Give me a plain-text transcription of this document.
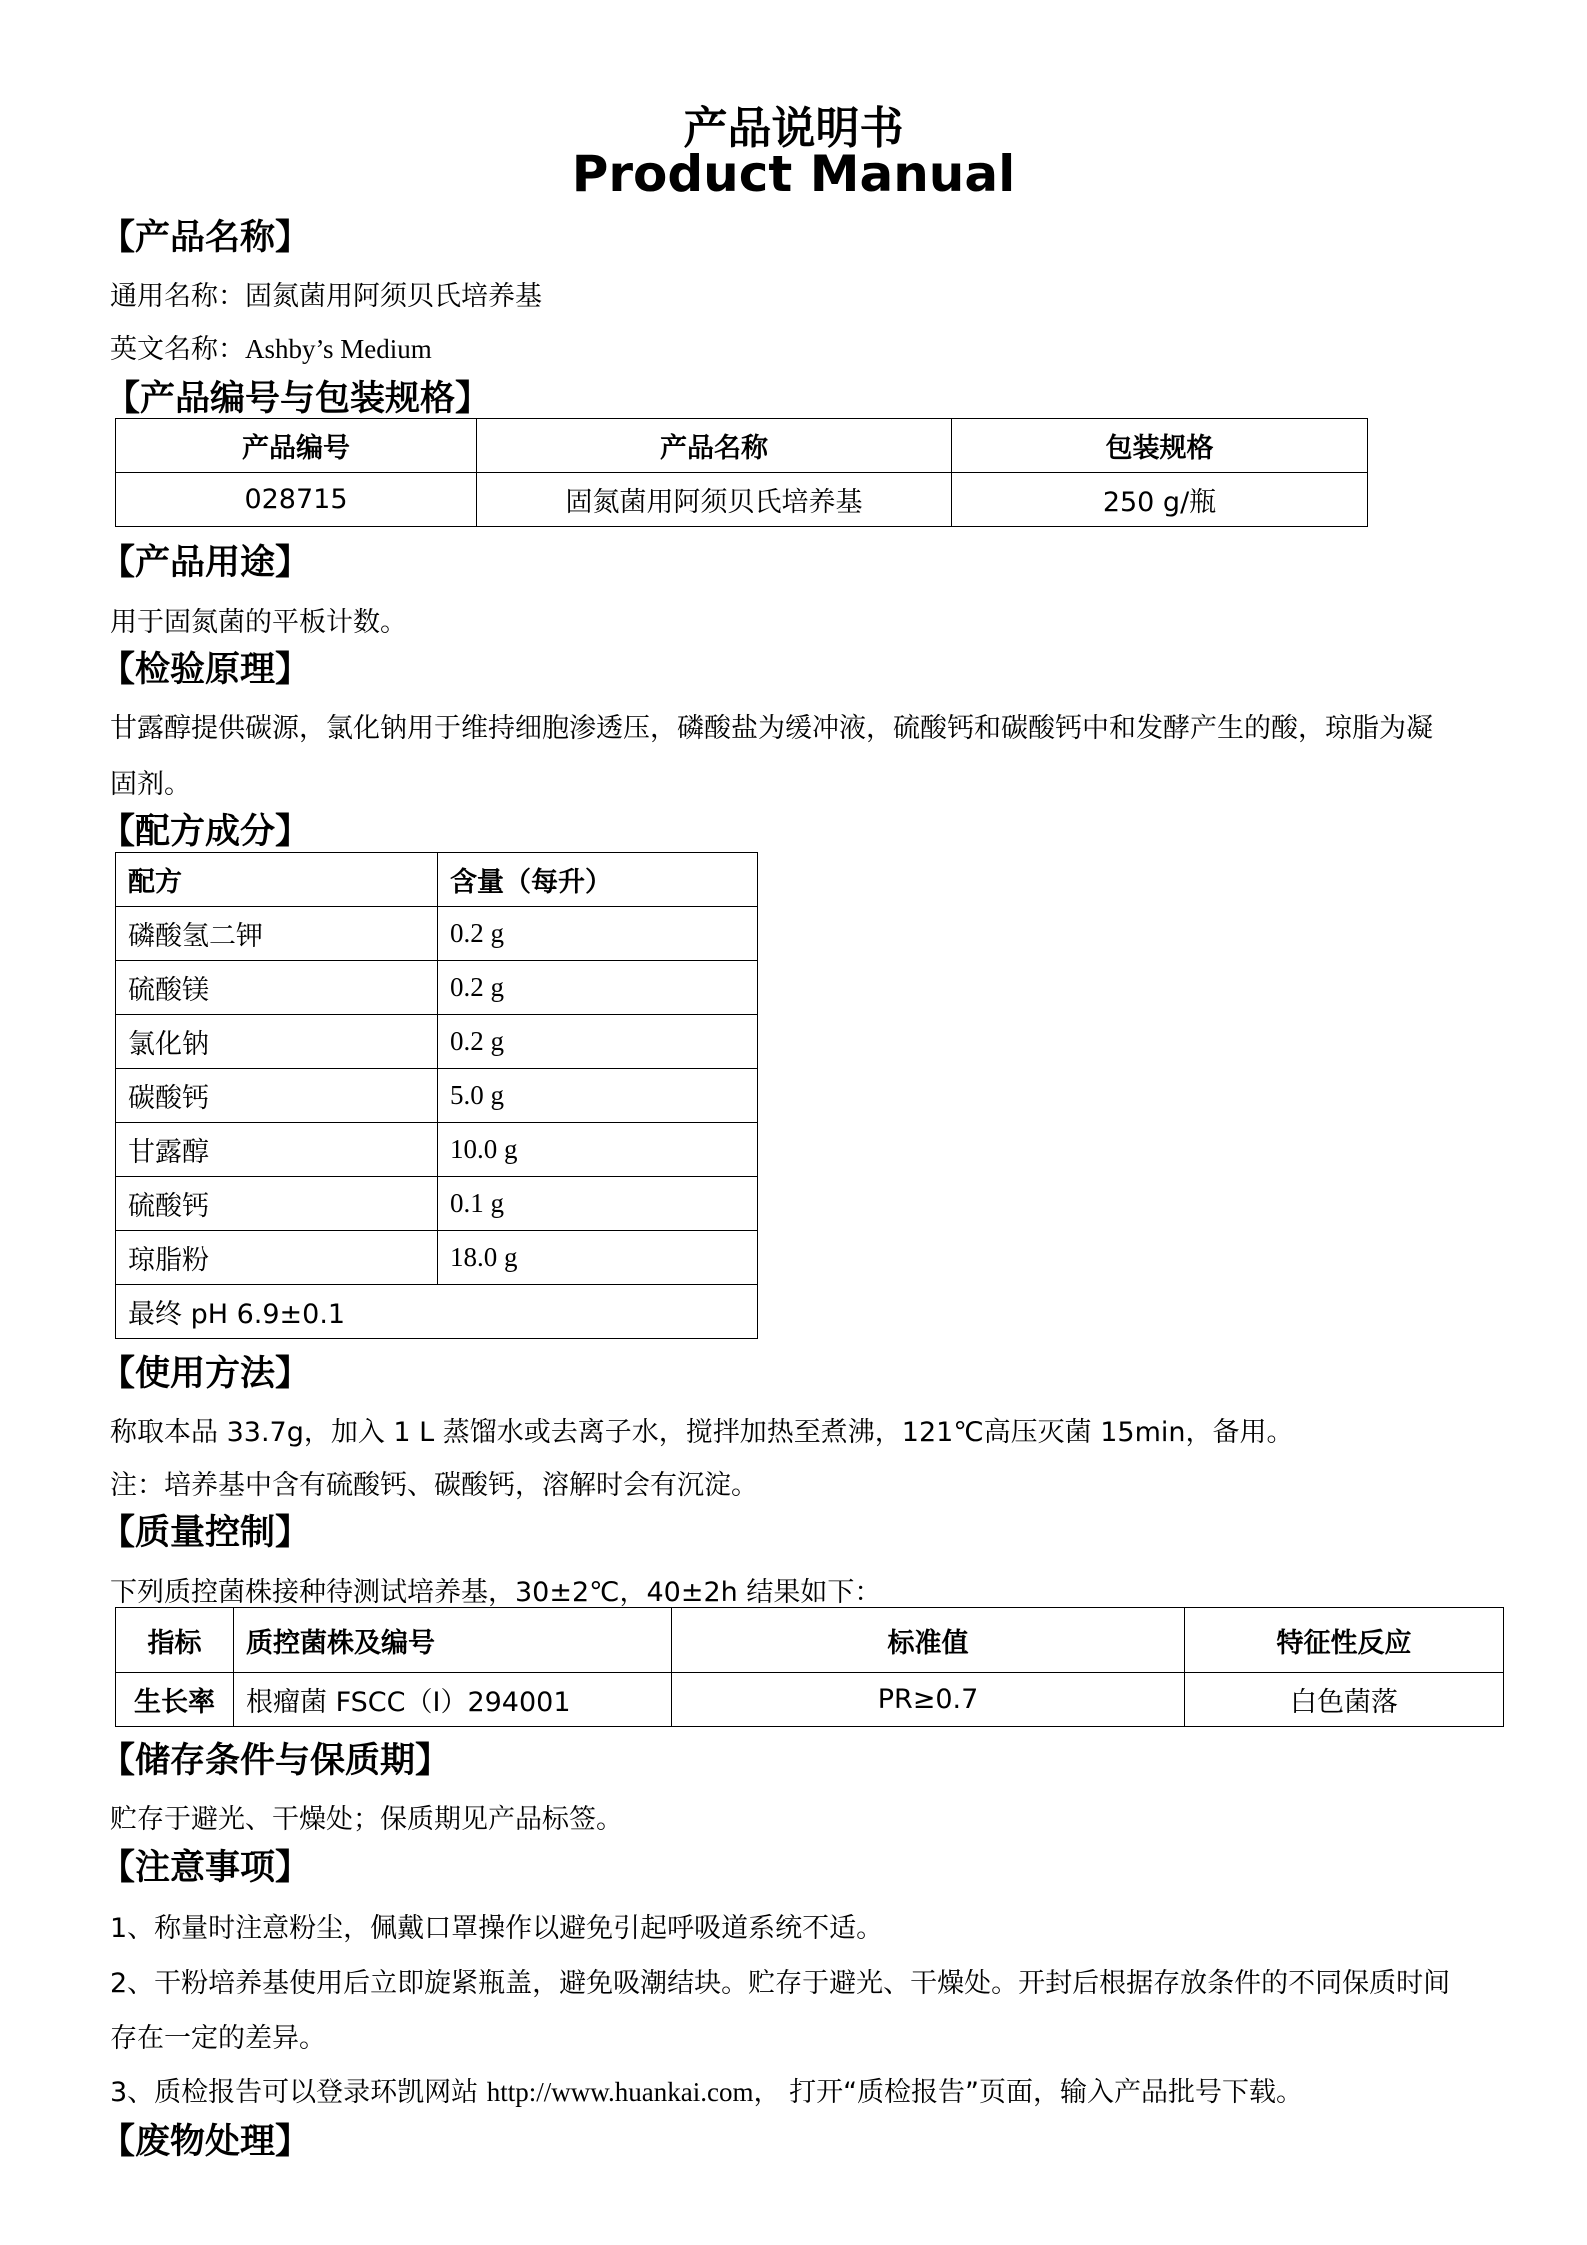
产品说明书
Product Manual
【产品名称】
通用名称：固氮菌用阿须贝氏培养基
英文名称：Ashby’s Medium
【产品编号与包装规格】
产品编号	产品名称	包装规格
028715	固氮菌用阿须贝氏培养基	250 g/瓶
【产品用途】
用于固氮菌的平板计数。
【检验原理】
甘露醇提供碳源，氯化钠用于维持细胞渗透压，磷酸盐为缓冲液，硫酸钙和碳酸钙中和发酵产生的酸，琼脂为凝
固剂。
【配方成分】
配方	含量（每升）
磷酸氢二钾	0.2 g
硫酸镁	0.2 g
氯化钠	0.2 g
碳酸钙	5.0 g
甘露醇	10.0 g
硫酸钙	0.1 g
琼脂粉	18.0 g
最终 pH 6.9±0.1	
【使用方法】
称取本品 33.7g，加入 1 L 蒸馏水或去离子水，搅拌加热至煮沸，121℃高压灭菌 15min，备用。
注：培养基中含有硫酸钙、碳酸钙，溶解时会有沉淀。
【质量控制】
下列质控菌株接种待测试培养基，30±2℃，40±2h 结果如下：
指标	质控菌株及编号	标准值	特征性反应
生长率	根瘤菌 FSCC（I）294001	PR≥0.7	白色菌落
【储存条件与保质期】
贮存于避光、干燥处；保质期见产品标签。
【注意事项】
1、称量时注意粉尘，佩戴口罩操作以避免引起呼吸道系统不适。
2、干粉培养基使用后立即旋紧瓶盖，避免吸潮结块。贮存于避光、干燥处。开封后根据存放条件的不同保质时间
存在一定的差异。
3、质检报告可以登录环凯网站 http://www.huankai.com， 打开“质检报告”页面，输入产品批号下载。
【废物处理】
